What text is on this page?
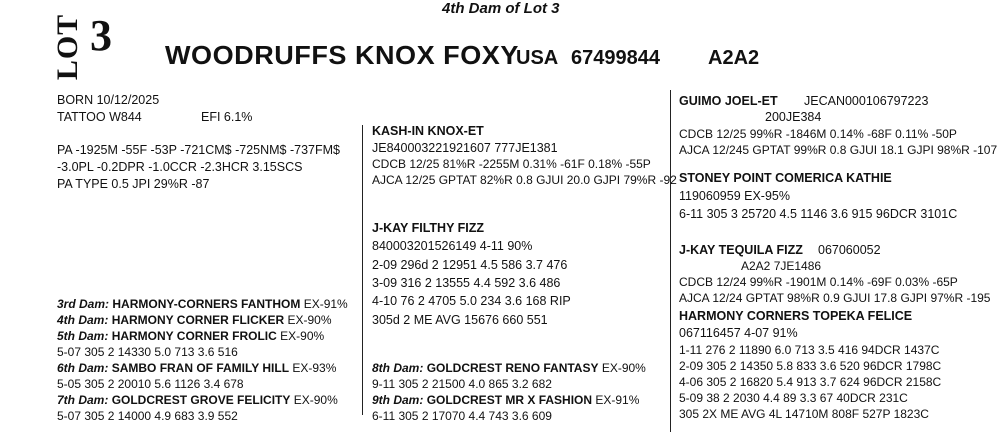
4th Dam of Lot 3
LOT 3 WOODRUFFS KNOX FOXY
USA 67499844 A2A2
BORN 10/12/2025
TATTOO W844	EFI 6.1%
PA -1925M -55F -53P -721CM$ -725NM$ -737FM$
-3.0PL -0.2DPR -1.0CCR -2.3HCR 3.15SCS
PA TYPE 0.5 JPI 29%R -87
KASH-IN KNOX-ET
JE840003221921607 777JE1381
CDCB 12/25 81%R -2255M 0.31% -61F 0.18% -55P
AJCA 12/25 GPTAT 82%R 0.8 GJUI 20.0 GJPI 79%R -92
J-KAY FILTHY FIZZ
840003201526149 4-11 90%
2-09 296d 2 12951 4.5 586 3.7 476
3-09 316 2 13555 4.4 592 3.6 486
4-10 76 2 4705 5.0 234 3.6 168 RIP
305d 2 ME AVG 15676 660 551
GUIMO JOEL-ET JECAN000106797223
200JE384
CDCB 12/25 99%R -1846M 0.14% -68F 0.11% -50P
AJCA 12/245 GPTAT 99%R 0.8 GJUI 18.1 GJPI 98%R -107
STONEY POINT COMERICA KATHIE
119060959 EX-95%
6-11 305 3 25720 4.5 1146 3.6 915 96DCR 3101C
J-KAY TEQUILA FIZZ 067060052
A2A2 7JE1486
CDCB 12/24 99%R -1901M 0.14% -69F 0.03% -65P
AJCA 12/24 GPTAT 98%R 0.9 GJUI 17.8 GJPI 97%R -195
HARMONY CORNERS TOPEKA FELICE
067116457 4-07 91%
1-11 276 2 11890 6.0 713 3.5 416 94DCR 1437C
2-09 305 2 14350 5.8 833 3.6 520 96DCR 1798C
4-06 305 2 16820 5.4 913 3.7 624 96DCR 2158C
5-09 38 2 2030 4.4 89 3.3 67 40DCR 231C
305 2X ME AVG 4L 14710M 808F 527P 1823C
3rd Dam: HARMONY-CORNERS FANTHOM EX-91%
4th Dam: HARMONY CORNER FLICKER EX-90%
5th Dam: HARMONY CORNER FROLIC EX-90%
5-07 305 2 14330 5.0 713 3.6 516
6th Dam: SAMBO FRAN OF FAMILY HILL EX-93%
5-05 305 2 20010 5.6 1126 3.4 678
7th Dam: GOLDCREST GROVE FELICITY EX-90%
5-07 305 2 14000 4.9 683 3.9 552
8th Dam: GOLDCREST RENO FANTASY EX-90%
9-11 305 2 21500 4.0 865 3.2 682
9th Dam: GOLDCREST MR X FASHION EX-91%
6-11 305 2 17070 4.4 743 3.6 609
